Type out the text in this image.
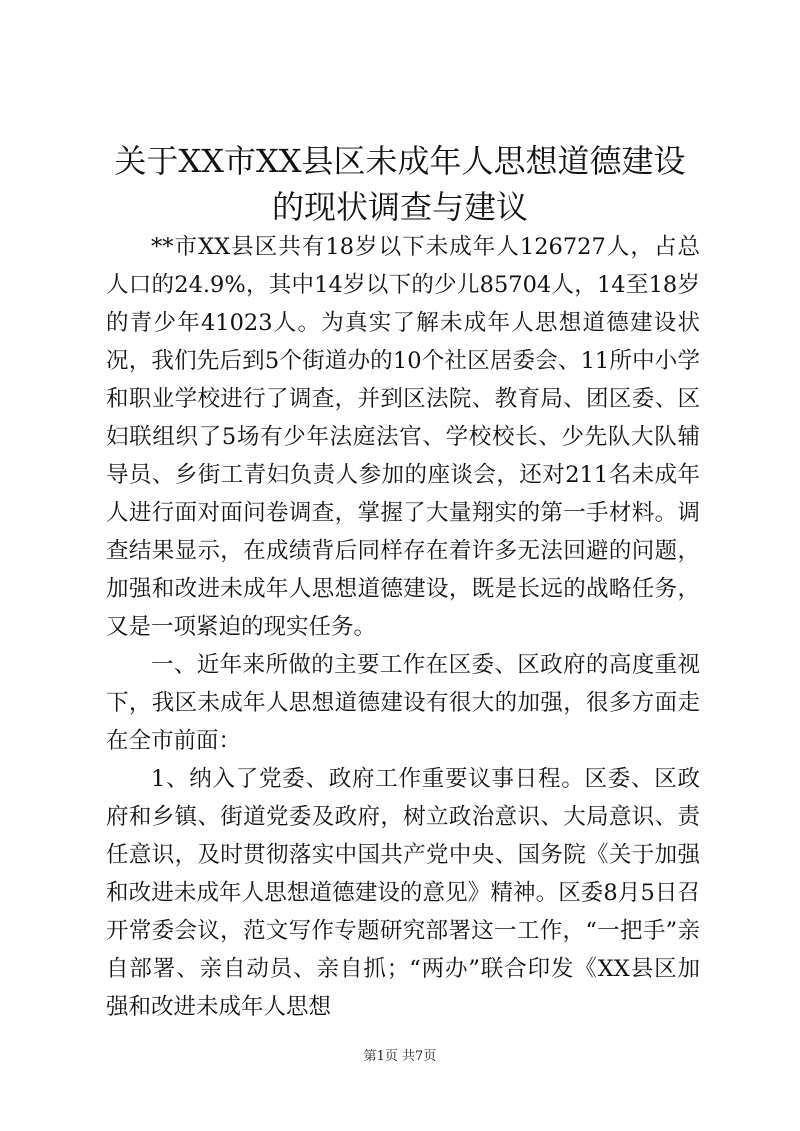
关于XX市XX县区未成年人思想道德建设的现状调查与建议

**市XX县区共有18岁以下未成年人126727人，占总人口的24.9%，其中14岁以下的少儿85704人，14至18岁的青少年41023人。为真实了解未成年人思想道德建设状况，我们先后到5个街道办的10个社区居委会、11所中小学和职业学校进行了调查，并到区法院、教育局、团区委、区妇联组织了5场有少年法庭法官、学校校长、少先队大队辅导员、乡街工青妇负责人参加的座谈会，还对211名未成年人进行面对面问卷调查，掌握了大量翔实的第一手材料。调查结果显示，在成绩背后同样存在着许多无法回避的问题，加强和改进未成年人思想道德建设，既是长远的战略任务，又是一项紧迫的现实任务。

一、近年来所做的主要工作在区委、区政府的高度重视下，我区未成年人思想道德建设有很大的加强，很多方面走在全市前面：

1、纳入了党委、政府工作重要议事日程。区委、区政府和乡镇、街道党委及政府，树立政治意识、大局意识、责任意识，及时贯彻落实中国共产党中央、国务院《关于加强和改进未成年人思想道德建设的意见》精神。区委8月5日召开常委会议，范文写作专题研究部署这一工作，“一把手”亲自部署、亲自动员、亲自抓；“两办”联合印发《XX县区加强和改进未成年人思想

第1页 共7页
